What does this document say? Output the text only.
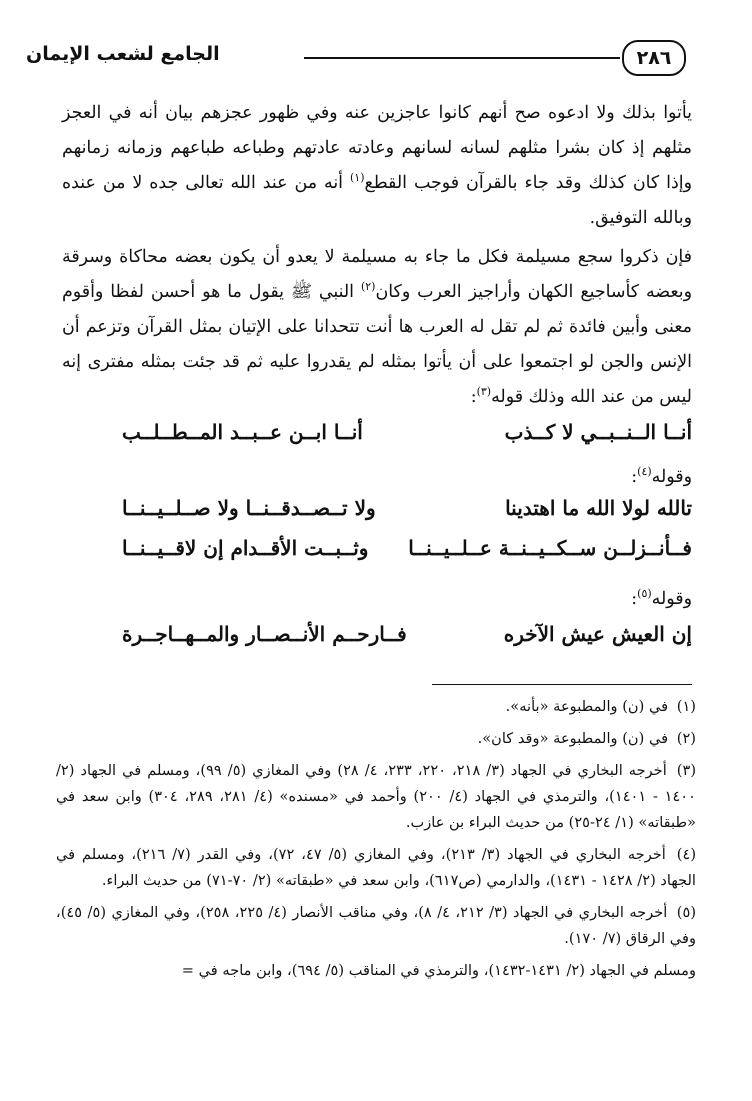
٢٨٦
الجامع لشعب الإيمان

يأتوا بذلك ولا ادعوه صح أنهم كانوا عاجزين عنه وفي ظهور عجزهم بيان أنه في العجز مثلهم إذ كان بشرا مثلهم لسانه لسانهم وعادته عادتهم وطباعه طباعهم وزمانه زمانهم وإذا كان كذلك وقد جاء بالقرآن فوجب القطع$^{(١)}$ أنه من عند الله تعالى جده لا من عنده وبالله التوفيق.

فإن ذكروا سجع مسيلمة فكل ما جاء به مسيلمة لا يعدو أن يكون بعضه محاكاة وسرقة وبعضه كأساجيع الكهان وأراجيز العرب وكان$^{(٢)}$ النبي ﷺ يقول ما هو أحسن لفظا وأقوم معنى وأبين فائدة ثم لم تقل له العرب ها أنت تتحدانا على الإتيان بمثل القرآن وتزعم أن الإنس والجن لو اجتمعوا على أن يأتوا بمثله لم يقدروا عليه ثم قد جئت بمثله مفترى إنه ليس من عند الله وذلك قوله$^{(٣)}$:

أنــا الــنــبــي لا كــذب
أنــا ابــن عــبــد المــطــلــب
وقوله$^{(٤)}$:
تالله لولا الله ما اهتدينا
ولا تــصــدقــنــا ولا صــلــيــنــا
فــأنــزلــن ســكــيــنــة عــلــيــنــا
وثــبــت الأقــدام إن لاقــيــنــا
وقوله$^{(٥)}$:
إن العيش عيش الآخره
فــارحــم الأنــصــار والمــهــاجــرة

(١) في (ن) والمطبوعة «بأنه».

(٢) في (ن) والمطبوعة «وقد كان».

(٣) أخرجه البخاري في الجهاد (٣/ ٢١٨، ٢٢٠، ٢٣٣، ٤/ ٢٨) وفي المغازي (٥/ ٩٩)، ومسلم في الجهاد (٢/ ١٤٠٠ - ١٤٠١)، والترمذي في الجهاد (٤/ ٢٠٠) وأحمد في «مسنده» (٤/ ٢٨١، ٢٨٩، ٣٠٤) وابن سعد في «طبقاته» (١/ ٢٤-٢٥) من حديث البراء بن عازب.

(٤) أخرجه البخاري في الجهاد (٣/ ٢١٣)، وفي المغازي (٥/ ٤٧، ٧٢)، وفي القدر (٧/ ٢١٦)، ومسلم في الجهاد (٢/ ١٤٢٨ - ١٤٣١)، والدارمي (ص٦١٧)، وابن سعد في «طبقاته» (٢/ ٧٠-٧١) من حديث البراء.

(٥) أخرجه البخاري في الجهاد (٣/ ٢١٢، ٤/ ٨)، وفي مناقب الأنصار (٤/ ٢٢٥، ٢٥٨)، وفي المغازي (٥/ ٤٥)، وفي الرقاق (٧/ ١٧٠).

ومسلم في الجهاد (٢/ ١٤٣١-١٤٣٢)، والترمذي في المناقب (٥/ ٦٩٤)، وابن ماجه في =
